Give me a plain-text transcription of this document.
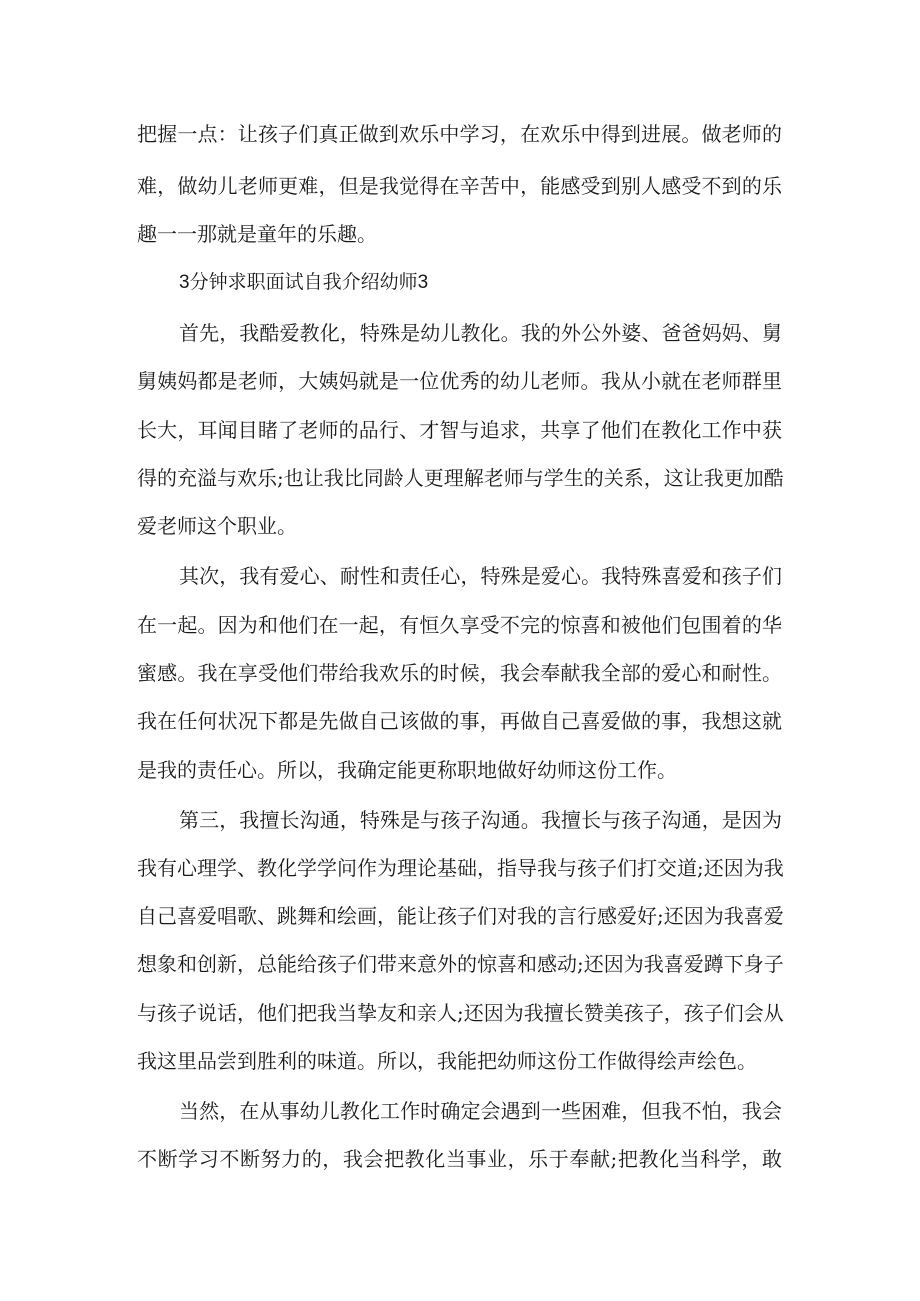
把握一点：让孩子们真正做到欢乐中学习，在欢乐中得到进展。做老师的
难，做幼儿老师更难，但是我觉得在辛苦中，能感受到别人感受不到的乐
趣一一那就是童年的乐趣。
3分钟求职面试自我介绍幼师3
首先，我酷爱教化，特殊是幼儿教化。我的外公外婆、爸爸妈妈、舅
舅姨妈都是老师，大姨妈就是一位优秀的幼儿老师。我从小就在老师群里
长大，耳闻目睹了老师的品行、才智与追求，共享了他们在教化工作中获
得的充溢与欢乐;也让我比同龄人更理解老师与学生的关系，这让我更加酷
爱老师这个职业。
其次，我有爱心、耐性和责任心，特殊是爱心。我特殊喜爱和孩子们
在一起。因为和他们在一起，有恒久享受不完的惊喜和被他们包围着的华
蜜感。我在享受他们带给我欢乐的时候，我会奉献我全部的爱心和耐性。
我在任何状况下都是先做自己该做的事，再做自己喜爱做的事，我想这就
是我的责任心。所以，我确定能更称职地做好幼师这份工作。
第三，我擅长沟通，特殊是与孩子沟通。我擅长与孩子沟通，是因为
我有心理学、教化学学问作为理论基础，指导我与孩子们打交道;还因为我
自己喜爱唱歌、跳舞和绘画，能让孩子们对我的言行感爱好;还因为我喜爱
想象和创新，总能给孩子们带来意外的惊喜和感动;还因为我喜爱蹲下身子
与孩子说话，他们把我当挚友和亲人;还因为我擅长赞美孩子，孩子们会从
我这里品尝到胜利的味道。所以，我能把幼师这份工作做得绘声绘色。
当然，在从事幼儿教化工作时确定会遇到一些困难，但我不怕，我会
不断学习不断努力的，我会把教化当事业，乐于奉献;把教化当科学，敢
